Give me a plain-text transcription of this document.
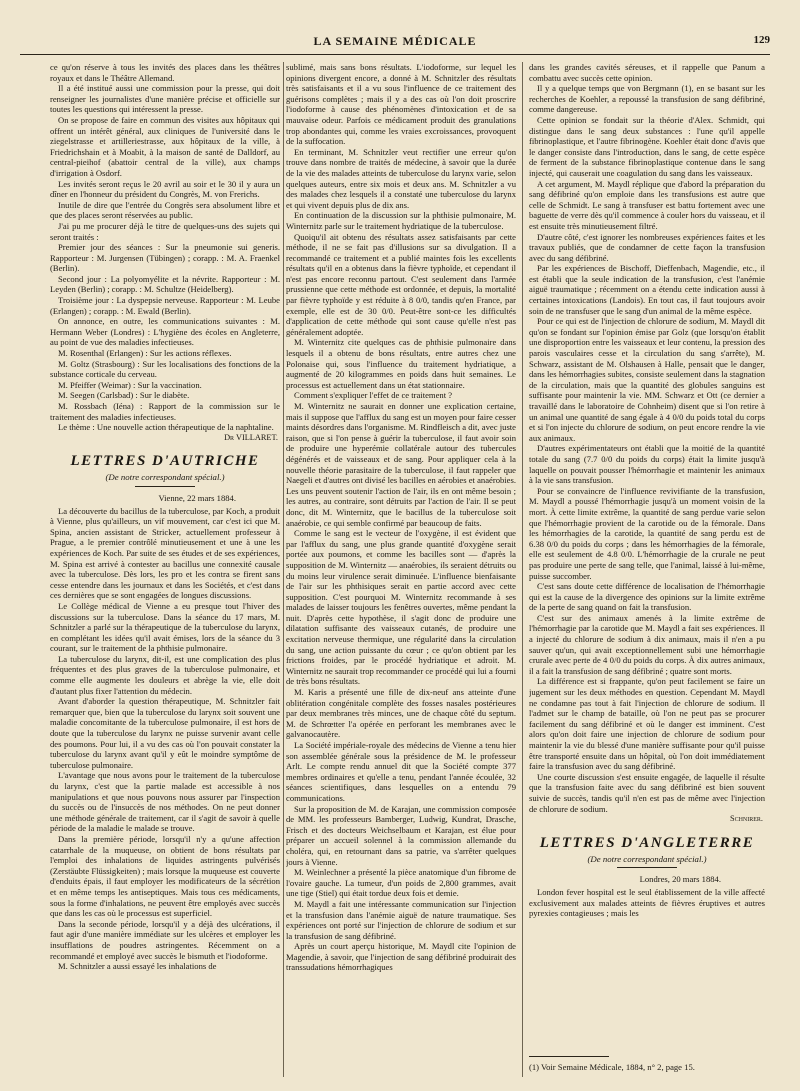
LA SEMAINE MÉDICALE	129

ce qu'on réserve à tous les invités des places dans les théâtres royaux et dans le Théâtre Allemand.

Il a été institué aussi une commission pour la presse, qui doit renseigner les journalistes d'une manière précise et officielle sur toutes les questions qui intéressent la presse.

On se propose de faire en commun des visites aux hôpitaux qui offrent un intérêt général, aux cliniques de l'université dans le ziegelstrasse et artilleriestrasse, aux hôpitaux de la ville, à Friedrichshain et à Moabit, à la maison de santé de Dalldorf, au central-pieihof (abattoir central de la ville), aux champs d'irrigation à Osdorf.

Les invités seront reçus le 20 avril au soir et le 30 il y aura un dîner en l'honneur du président du Congrès, M. von Frerichs.

Inutile de dire que l'entrée du Congrès sera absolument libre et que des places seront réservées au public.

J'ai pu me procurer déjà le titre de quelques-uns des sujets qui seront traités :

Premier jour des séances : Sur la pneumonie sui generis. Rapporteur : M. Jurgensen (Tübingen) ; corapp. : M. A. Fraenkel (Berlin).

Second jour : La polyomyélite et la névrite. Rapporteur : M. Leyden (Berlin) ; corapp. : M. Schultze (Heidelberg).

Troisième jour : La dyspepsie nerveuse. Rapporteur : M. Leube (Erlangen) ; corapp. : M. Ewald (Berlin).

On annonce, en outre, les communications suivantes : M. Hermann Weber (Londres) : L'hygiène des écoles en Angleterre, au point de vue des maladies infectieuses.

M. Rosenthal (Erlangen) : Sur les actions réflexes.

M. Goltz (Strasbourg) : Sur les localisations des fonctions de la substance corticale du cerveau.

M. Pfeiffer (Weimar) : Sur la vaccination.

M. Seegen (Carlsbad) : Sur le diabète.

M. Rossbach (Iéna) : Rapport de la commission sur le traitement des maladies infectieuses.

Le thème : Une nouvelle action thérapeutique de la naphtaline.

Dr VILLARET.
LETTRES D'AUTRICHE
(De notre correspondant spécial.)
Vienne, 22 mars 1884.

La découverte du bacillus de la tuberculose, par Koch, a produit à Vienne, plus qu'ailleurs, un vif mouvement, car c'est ici que M. Spina, ancien assistant de Stricker, actuellement professeur à Prague, a le premier contrôlé minutieusement et une à une les expériences de Koch. Par suite de ses études et de ses expériences, M. Spina est arrivé à contester au bacillus une connexité causale avec la tuberculose. Dès lors, les pro et les contra se firent sans cesse entendre dans les journaux et dans les Sociétés, et c'est dans ces dernières que se sont engagées de longues discussions.

Le Collège médical de Vienne a eu presque tout l'hiver des discussions sur la tuberculose. Dans la séance du 17 mars, M. Schnitzler a parlé sur la thérapeutique de la tuberculose du larynx, en complétant les idées qu'il avait émises, lors de la séance du 3 courant, sur le traitement de la phthisie pulmonaire.

La tuberculose du larynx, dit-il, est une complication des plus fréquentes et des plus graves de la tuberculose pulmonaire, et comme elle augmente les douleurs et abrège la vie, elle doit d'autant plus fixer l'attention du médecin.

Avant d'aborder la question thérapeutique, M. Schnitzler fait remarquer que, bien que la tuberculose du larynx soit souvent une maladie concomitante de la tuberculose pulmonaire, il est hors de doute que la tuberculose du larynx ne puisse survenir avant celle des poumons. Pour lui, il a vu des cas où l'on pouvait constater la tuberculose du larynx avant qu'il y eût le moindre symptôme de tuberculose pulmonaire.

L'avantage que nous avons pour le traitement de la tuberculose du larynx, c'est que la partie malade est accessible à nos manipulations et que nous pouvons nous assurer par l'inspection du succès ou de l'insuccès de nos méthodes. On ne peut donner une méthode générale de traitement, car il s'agit de savoir à quelle période de la maladie le malade se trouve.

Dans la première période, lorsqu'il n'y a qu'une affection catarrhale de la muqueuse, on obtient de bons résultats par l'emploi des inhalations de liquides astringents pulvérisés (Zerstäubte Flüssigkeiten) ; mais lorsque la muqueuse est couverte d'enduits épais, il faut employer les modificateurs de la sécrétion et en même temps les antiseptiques. Mais tous ces médicaments, sous la forme d'inhalations, ne peuvent être employés avec succès que dans les cas où le processus est superficiel.

Dans la seconde période, lorsqu'il y a déjà des ulcérations, il faut agir d'une manière immédiate sur les ulcères et employer les insufflations de poudres astringentes. Récemment on a recommandé et employé avec succès le bismuth et l'iodoforme.

M. Schnitzler a aussi essayé les inhalations de

sublimé, mais sans bons résultats. L'iodoforme, sur lequel les opinions divergent encore, a donné à M. Schnitzler des résultats très satisfaisants et il a vu sous l'influence de ce traitement des guérisons complètes ; mais il y a des cas où l'on doit proscrire l'iodoforme à cause des phénomènes d'intoxication et de sa mauvaise odeur. Parfois ce médicament produit des granulations trop abondantes qui, comme les vraies excroissances, provoquent de la suffocation.

En terminant, M. Schnitzler veut rectifier une erreur qu'on trouve dans nombre de traités de médecine, à savoir que la durée de la vie des malades atteints de tuberculose du larynx varie, selon quelques auteurs, entre six mois et deux ans. M. Schnitzler a vu des malades chez lesquels il a constaté une tuberculose du larynx et qui vivent depuis plus de dix ans.

En continuation de la discussion sur la phthisie pulmonaire, M. Winternitz parle sur le traitement hydriatique de la tuberculose.

Quoiqu'il ait obtenu des résultats assez satisfaisants par cette méthode, il ne se fait pas d'illusions sur sa divulgation. Il a recommandé ce traitement et a publié maintes fois les excellents résultats qu'il en a obtenus dans la fièvre typhoïde, et cependant il n'est pas encore reconnu partout. C'est seulement dans l'armée prussienne que cette méthode est ordonnée, et depuis, la mortalité par fièvre typhoïde y est réduite à 8 0/0, tandis qu'en France, par exemple, elle est de 30 0/0. Peut-être sont-ce les difficultés d'application de cette méthode qui sont cause qu'elle n'est pas généralement adoptée.

M. Winternitz cite quelques cas de phthisie pulmonaire dans lesquels il a obtenu de bons résultats, entre autres chez une Polonaise qui, sous l'influence du traitement hydriatique, a augmenté de 20 kilogrammes en poids dans huit semaines. Le processus est actuellement dans un état stationnaire.

Comment s'expliquer l'effet de ce traitement ?

M. Winternitz ne saurait en donner une explication certaine, mais il suppose que l'afflux du sang est un moyen pour faire cesser maints désordres dans l'organisme. M. Rindfleisch a dit, avec juste raison, que si l'on pense à guérir la tuberculose, il faut avoir soin de produire une hyperémie collatérale autour des tubercules dégénérés et de vaisseaux et de sang. Pour appliquer cela à la nouvelle théorie parasitaire de la tuberculose, il faut rappeler que Naegeli et d'autres ont divisé les bacilles en aérobies et anaérobies. Les uns peuvent soutenir l'action de l'air, ils en ont même besoin ; les autres, au contraire, sont détruits par l'action de l'air. Il se peut donc, dit M. Winternitz, que le bacillus de la tuberculose soit anaérobie, ce qui semble confirmé par beaucoup de faits.

Comme le sang est le vecteur de l'oxygène, il est évident que par l'afflux du sang, une plus grande quantité d'oxygène serait portée aux poumons, et comme les bacilles sont — d'après la supposition de M. Winternitz — anaérobies, ils seraient détruits ou du moins leur virulence serait diminuée. L'influence bienfaisante de l'air sur les phthisiques serait en partie accord avec cette supposition. C'est pourquoi M. Winternitz recommande à ses malades de laisser toujours les fenêtres ouvertes, même pendant la nuit. D'après cette hypothèse, il s'agit donc de produire une dilatation suffisante des vaisseaux cutanés, de produire une excitation nerveuse thermique, une régularité dans la circulation du sang, une action puissante du cœur ; ce qu'on obtient par les frictions froides, par le procédé hydriatique et adroit. M. Winternitz ne saurait trop recommander ce procédé qui lui a fourni de très bons résultats.

M. Karis a présenté une fille de dix-neuf ans atteinte d'une oblitération congénitale complète des fosses nasales postérieures par deux membranes très minces, une de chaque côté du septum. M. de Schrœtter l'a opérée en perforant les membranes avec le galvanocautère.

La Société impériale-royale des médecins de Vienne a tenu hier son assemblée générale sous la présidence de M. le professeur Arlt. Le compte rendu annuel dit que la Société compte 377 membres ordinaires et qu'elle a tenu, pendant l'année écoulée, 32 séances scientifiques, dans lesquelles on a entendu 79 communications.

Sur la proposition de M. de Karajan, une commission composée de MM. les professeurs Bamberger, Ludwig, Kundrat, Drasche, Frisch et des docteurs Weichselbaum et Karajan, est élue pour préparer un accueil solennel à la commission allemande du choléra, qui, en retournant dans sa patrie, va s'arrêter quelques jours à Vienne.

M. Weinlechner a présenté la pièce anatomique d'un fibrome de l'ovaire gauche. La tumeur, d'un poids de 2,800 grammes, avait une tige (Stiel) qui était tordue deux fois et demie.

M. Maydl a fait une intéressante communication sur l'injection et la transfusion dans l'anémie aiguë de nature traumatique. Ses expériences ont porté sur l'injection de chlorure de sodium et sur la transfusion de sang défibriné.

Après un court aperçu historique, M. Maydl cite l'opinion de Magendie, à savoir, que l'injection de sang défibriné produirait des transsudations hémorrhagiques

dans les grandes cavités séreuses, et il rappelle que Panum a combattu avec succès cette opinion.

Il y a quelque temps que von Bergmann (1), en se basant sur les recherches de Koehler, a repoussé la transfusion de sang défibriné, comme dangereuse.

Cette opinion se fondait sur la théorie d'Alex. Schmidt, qui distingue dans le sang deux substances : l'une qu'il appelle fibrinoplastique, et l'autre fibrinogène. Koehler était donc d'avis que le danger consiste dans l'introduction, dans le sang, de cette espèce de ferment de la substance fibrinoplastique contenue dans le sang injecté, qui causerait une coagulation du sang dans les vaisseaux.

A cet argument, M. Maydl réplique que d'abord la préparation du sang défibriné qu'on emploie dans les transfusions est autre que celle de Schmidt. Le sang à transfuser est battu fortement avec une baguette de verre dès qu'il commence à couler hors du vaisseau, et il est ensuite très minutieusement filtré.

D'autre côté, c'est ignorer les nombreuses expériences faites et les travaux publiés, que de condamner de cette façon la transfusion avec du sang défibriné.

Par les expériences de Bischoff, Dieffenbach, Magendie, etc., il est établi que la seule indication de la transfusion, c'est l'anémie aiguë traumatique ; récemment on a étendu cette indication aussi à certaines intoxications (Landois). En tout cas, il faut toujours avoir soin de ne transfuser que le sang d'un animal de la même espèce.

Pour ce qui est de l'injection de chlorure de sodium, M. Maydl dit qu'on se fondant sur l'opinion émise par Golz (que lorsqu'on établit une disproportion entre les vaisseaux et leur contenu, la pression des parois vasculaires cesse et la circulation du sang s'arrête), M. Schwarz, assistant de M. Olshausen à Halle, pensait que le danger, dans les hémorrhagies subites, consiste seulement dans la stagnation de la circulation, mais que la quantité des globules sanguins est suffisante pour maintenir la vie. MM. Schwarz et Ott (ce dernier a travaillé dans le laboratoire de Cohnheim) disent que si l'on retire à un animal une quantité de sang égale à 4 0/0 du poids total du corps et si l'on injecte du chlorure de sodium, on peut encore rendre la vie aux animaux.

D'autres expérimentateurs ont établi que la moitié de la quantité totale du sang (7.7 0/0 du poids du corps) était la limite jusqu'à laquelle on pouvait pousser l'hémorrhagie et maintenir les animaux à la vie sans transfusion.

Pour se convaincre de l'influence revivifiante de la transfusion, M. Maydl a poussé l'hémorrhagie jusqu'à un moment voisin de la mort. À cette limite extrême, la quantité de sang perdue varie selon que l'hémorrhagie provient de la carotide ou de la fémorale. Dans les hémorrhagies de la carotide, la quantité de sang perdu est de 6.38 0/0 du poids du corps ; dans les hémorrhagies de la fémorale, elle est seulement de 4.8 0/0. L'hémorrhagie de la crurale ne peut pas produire une perte de sang telle, que l'animal, laissé à lui-même, puisse succomber.

C'est sans doute cette différence de localisation de l'hémorrhagie qui est la cause de la divergence des opinions sur la limite extrême de la perte de sang quand on fait la transfusion.

C'est sur des animaux amenés à la limite extrême de l'hémorrhagie par la carotide que M. Maydl a fait ses expériences. Il a injecté du chlorure de sodium à dix animaux, mais il n'en a pu sauver qu'un, qui avait exceptionnellement subi une hémorrhagie crurale avec perte de 4 0/0 du poids du corps. À dix autres animaux, il a fait la transfusion de sang défibriné ; quatre sont morts.

La différence est si frappante, qu'on peut facilement se faire un jugement sur les deux méthodes en question. Cependant M. Maydl ne condamne pas tout à fait l'injection de chlorure de sodium. Il l'admet sur le champ de bataille, où l'on ne peut pas se procurer facilement du sang défibriné et où le danger est imminent. C'est alors qu'on doit faire une injection de chlorure de sodium pour maintenir la vie du blessé d'une manière suffisante pour qu'il puisse être transporté ensuite dans un hôpital, où l'on doit immédiatement faire la transfusion avec du sang défibriné.

Une courte discussion s'est ensuite engagée, de laquelle il résulte que la transfusion faite avec du sang défibriné est bien souvent suivie de succès, tandis qu'il n'en est pas de même avec l'injection de chlorure de sodium.

Schnirer.
LETTRES D'ANGLETERRE
(De notre correspondant spécial.)
Londres, 20 mars 1884.

London fever hospital est le seul établissement de la ville affecté exclusivement aux malades atteints de fièvres éruptives et autres pyrexies contagieuses ; mais les

(1) Voir Semaine Médicale, 1884, n° 2, page 15.
